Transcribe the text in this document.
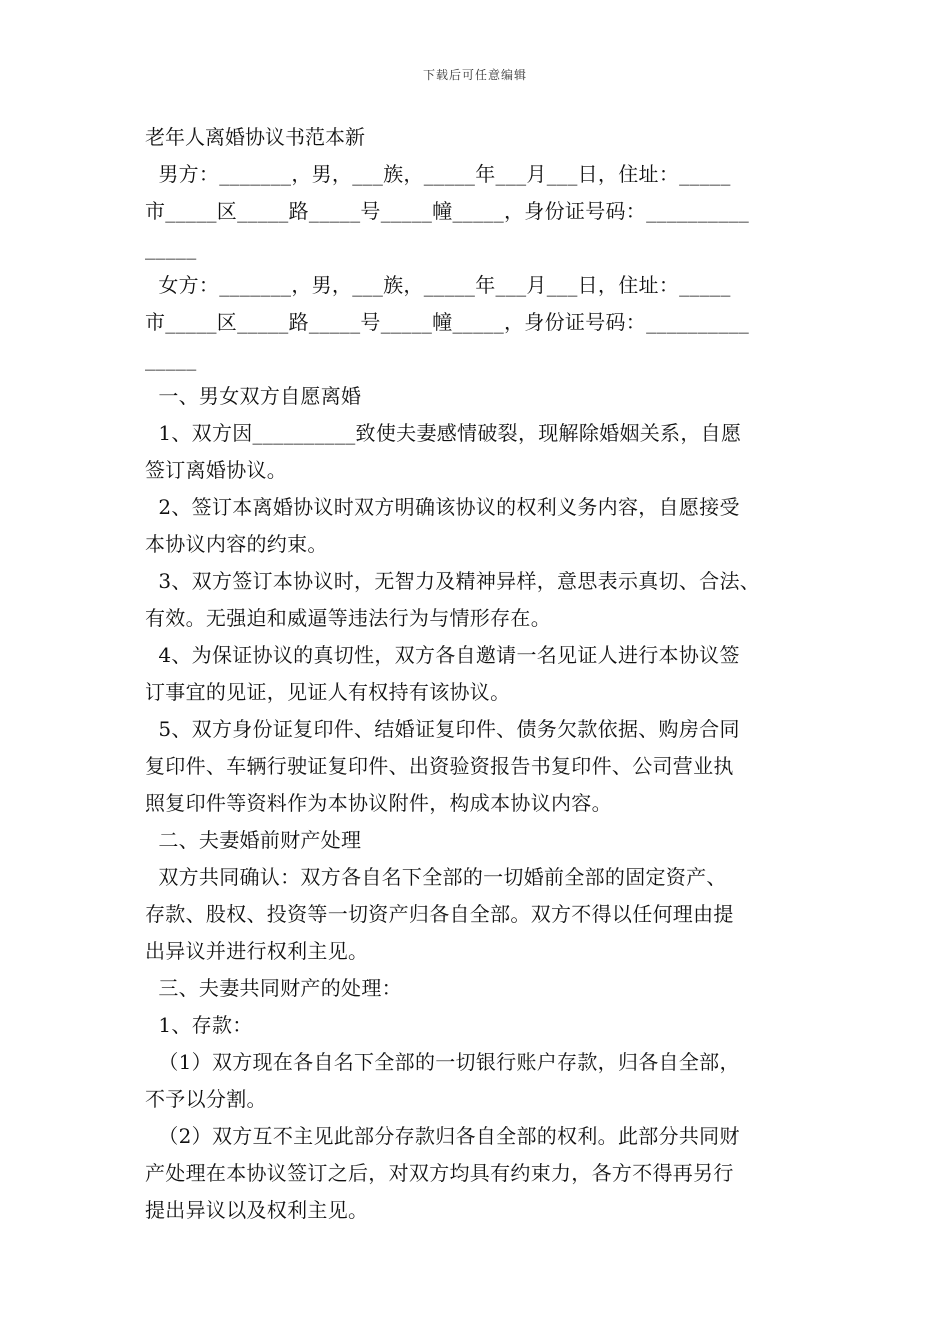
下载后可任意编辑
老年人离婚协议书范本新
男方：_______，男，___族，_____年___月___日，住址：_____
市_____区_____路_____号_____幢_____，身份证号码：__________
_____
女方：_______，男，___族，_____年___月___日，住址：_____
市_____区_____路_____号_____幢_____，身份证号码：__________
_____
一、男女双方自愿离婚
1、双方因__________致使夫妻感情破裂，现解除婚姻关系，自愿
签订离婚协议。
2、签订本离婚协议时双方明确该协议的权利义务内容，自愿接受
本协议内容的约束。
3、双方签订本协议时，无智力及精神异样，意思表示真切、合法、
有效。无强迫和威逼等违法行为与情形存在。
4、为保证协议的真切性，双方各自邀请一名见证人进行本协议签
订事宜的见证，见证人有权持有该协议。
5、双方身份证复印件、结婚证复印件、债务欠款依据、购房合同
复印件、车辆行驶证复印件、出资验资报告书复印件、公司营业执
照复印件等资料作为本协议附件，构成本协议内容。
二、夫妻婚前财产处理
双方共同确认：双方各自名下全部的一切婚前全部的固定资产、
存款、股权、投资等一切资产归各自全部。双方不得以任何理由提
出异议并进行权利主见。
三、夫妻共同财产的处理：
1、存款：
（1）双方现在各自名下全部的一切银行账户存款，归各自全部，
不予以分割。
（2）双方互不主见此部分存款归各自全部的权利。此部分共同财
产处理在本协议签订之后，对双方均具有约束力，各方不得再另行
提出异议以及权利主见。
